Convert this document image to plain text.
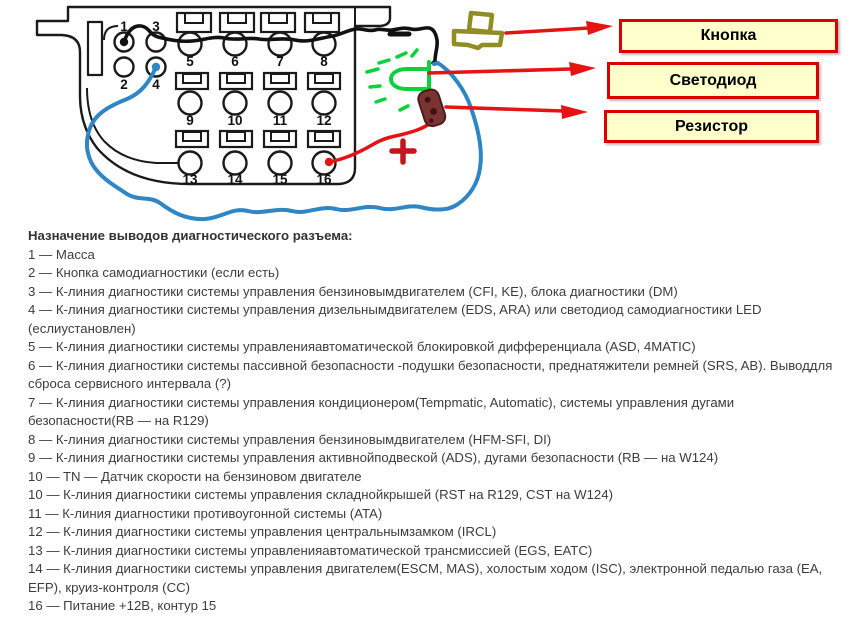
1 3
2 4
5	6	7	8
9 10 11 12
13 14 15 16
Кнопка
Светодиод
Резистор

Назначение выводов диагностического разъема:

1 — Масса

2 — Кнопка самодиагностики (если есть)

3 — К-линия диагностики системы управления бензиновымдвигателем (CFI, KE), блока диагностики (DM)

4 — К-линия диагностики системы управления дизельнымдвигателем (EDS, ARA) или светодиод самодиагностики LED (еслиустановлен)

5 — К-линия диагностики системы управленияавтоматической блокировкой дифференциала (ASD, 4MATIC)

6 — К-линия диагностики системы пассивной безопасности -подушки безопасности, преднатяжители ремней (SRS, AB). Выводдля сброса сервисного интервала (?)

7 — К-линия диагностики системы управления кондиционером(Tempmatic, Automatic), системы управления дугами безопасности(RB — на R129)

8 — К-линия диагностики системы управления бензиновымдвигателем (HFM-SFI, DI)

9 — К-линия диагностики системы управления активнойподвеской (ADS), дугами безопасности (RB — на W124)

10 — TN — Датчик скорости на бензиновом двигателе

10 — К-линия диагностики системы управления складнойкрышей (RST на R129, CST на W124)

11 — К-линия диагностики противоугонной системы (ATA)

12 — К-линия диагностики системы управления центральнымзамком (IRCL)

13 — К-линия диагностики системы управленияавтоматической трансмиссией (EGS, EATC)

14 — К-линия диагностики системы управления двигателем(ESCM, MAS), холостым ходом (ISC), электронной педалью газа (EA, EFP), круиз-контроля (CC)

16 — Питание +12В, контур 15
